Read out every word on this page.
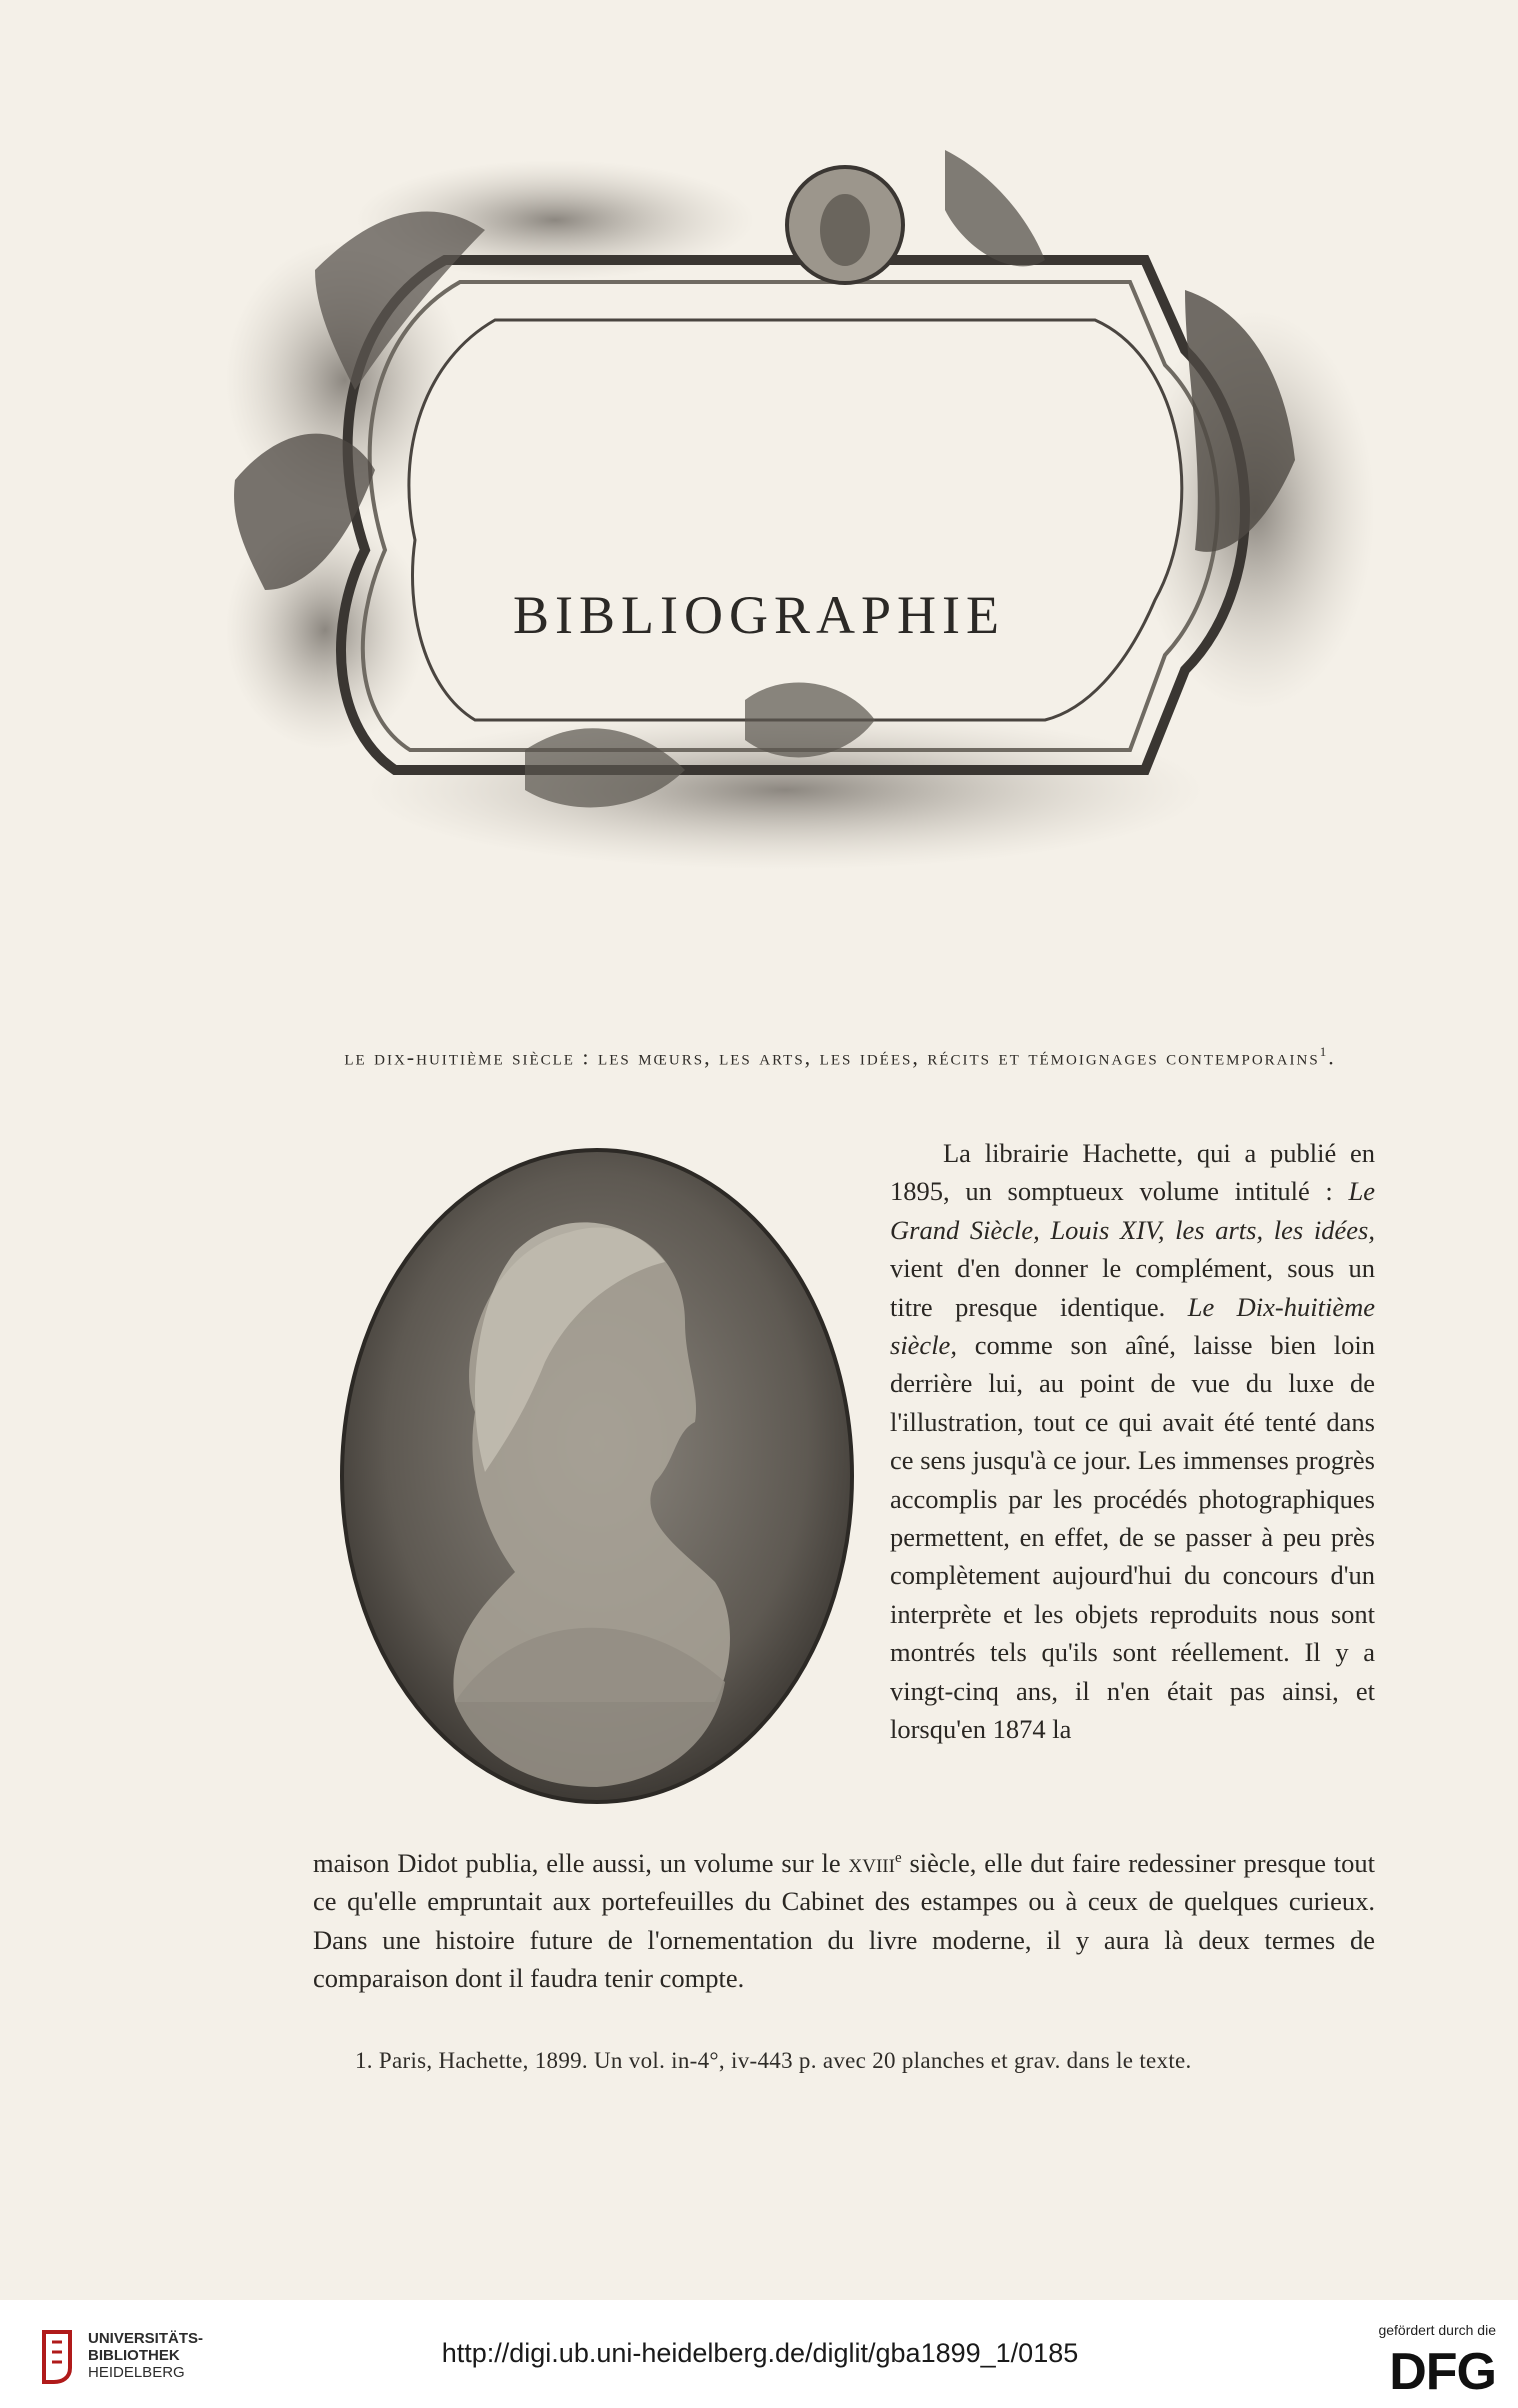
BIBLIOGRAPHIE
le dix-huitième siècle : les mœurs, les arts, les idées, récits et témoignages contemporains$^1$.
  La librairie Hachette, qui a publié en 1895, un somptueux volume intitulé : Le Grand Siècle, Louis XIV, les arts, les idées, vient d'en donner le complément, sous un titre presque identique. Le Dix-huitième siècle, comme son aîné, laisse bien loin derrière lui, au point de vue du luxe de l'illustration, tout ce qui avait été tenté dans ce sens jusqu'à ce jour. Les immenses progrès accomplis par les procédés photographiques permettent, en effet, de se passer à peu près complètement aujourd'hui du concours d'un interprète et les objets reproduits nous sont montrés tels qu'ils sont réellement. Il y a vingt-cinq ans, il n'en était pas ainsi, et lorsqu'en 1874 la
maison Didot publia, elle aussi, un volume sur le xviii$^e$ siècle, elle dut faire redessiner presque tout ce qu'elle empruntait aux portefeuilles du Cabinet des estampes ou à ceux de quelques curieux. Dans une histoire future de l'ornementation du livre moderne, il y aura là deux termes de comparaison dont il faudra tenir compte.
1. Paris, Hachette, 1899. Un vol. in-4°, iv-443 p. avec 20 planches et grav. dans le texte.
UNIVERSITÄTS-
BIBLIOTHEK
HEIDELBERG
http://digi.ub.uni-heidelberg.de/diglit/gba1899_1/0185
gefördert durch die
DFG
